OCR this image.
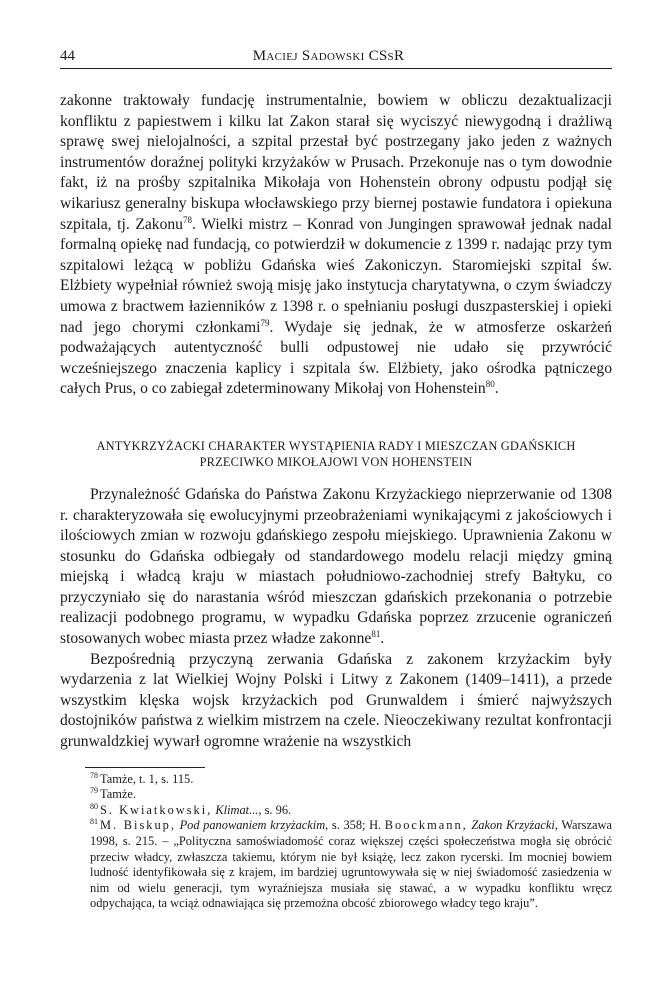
44	Maciej Sadowski CSsR

zakonne traktowały fundację instrumentalnie, bowiem w obliczu dezaktualizacji konfliktu z papiestwem i kilku lat Zakon starał się wyciszyć niewygodną i drażliwą sprawę swej nielojalności, a szpital przestał być postrzegany jako jeden z ważnych instrumentów doraźnej polityki krzyżaków w Prusach. Przekonuje nas o tym dowodnie fakt, iż na prośby szpitalnika Mikołaja von Hohenstein obrony odpustu podjął się wikariusz generalny biskupa włocławskiego przy biernej postawie fundatora i opiekuna szpitala, tj. Zakonu$^{78}$. Wielki mistrz – Konrad von Jungingen sprawował jednak nadal formalną opiekę nad fundacją, co potwierdził w dokumencie z 1399 r. nadając przy tym szpitalowi leżącą w pobliżu Gdańska wieś Zakoniczyn. Staromiejski szpital św. Elżbiety wypełniał również swoją misję jako instytucja charytatywna, o czym świadczy umowa z bractwem łazienników z 1398 r. o spełnianiu posługi duszpasterskiej i opieki nad jego chorymi członkami$^{79}$. Wydaje się jednak, że w atmosferze oskarżeń podważających autentyczność bulli odpustowej nie udało się przywrócić wcześniejszego znaczenia kaplicy i szpitala św. Elżbiety, jako ośrodka pątniczego całych Prus, o co zabiegał zdeterminowany Mikołaj von Hohenstein$^{80}$.

ANTYKRZYŻACKI CHARAKTER WYSTĄPIENIA RADY I MIESZCZAN GDAŃSKICH
PRZECIWKO MIKOŁAJOWI VON HOHENSTEIN

Przynależność Gdańska do Państwa Zakonu Krzyżackiego nieprzerwanie od 1308 r. charakteryzowała się ewolucyjnymi przeobrażeniami wynikającymi z jakościowych i ilościowych zmian w rozwoju gdańskiego zespołu miejskiego. Uprawnienia Zakonu w stosunku do Gdańska odbiegały od standardowego modelu relacji między gminą miejską i władcą kraju w miastach południowo-zachodniej strefy Bałtyku, co przyczyniało się do narastania wśród mieszczan gdańskich przekonania o potrzebie realizacji podobnego programu, w wypadku Gdańska poprzez zrzucenie ograniczeń stosowanych wobec miasta przez władze zakonne$^{81}$.

Bezpośrednią przyczyną zerwania Gdańska z zakonem krzyżackim były wydarzenia z lat Wielkiej Wojny Polski i Litwy z Zakonem (1409–1411), a przede wszystkim klęska wojsk krzyżackich pod Grunwaldem i śmierć najwyższych dostojników państwa z wielkim mistrzem na czele. Nieoczekiwany rezultat konfrontacji grunwaldzkiej wywarł ogromne wrażenie na wszystkich

$^{78}$ Tamże, t. 1, s. 115.

$^{79}$ Tamże.

$^{80}$ S. Kwiatkowski, Klimat..., s. 96.

$^{81}$ M. Biskup, Pod panowaniem krzyżackim, s. 358; H. Boockmann, Zakon Krzyżacki, Warszawa 1998, s. 215. – „Polityczna samoświadomość coraz większej części społeczeństwa mogła się obrócić przeciw władcy, zwłaszcza takiemu, którym nie był książę, lecz zakon rycerski. Im mocniej bowiem ludność identyfikowała się z krajem, im bardziej ugruntowywała się w niej świadomość zasiedzenia w nim od wielu generacji, tym wyraźniejsza musiała się stawać, a w wypadku konfliktu wręcz odpychająca, ta wciąż odnawiająca się przemożna obcość zbiorowego władcy tego kraju”.
